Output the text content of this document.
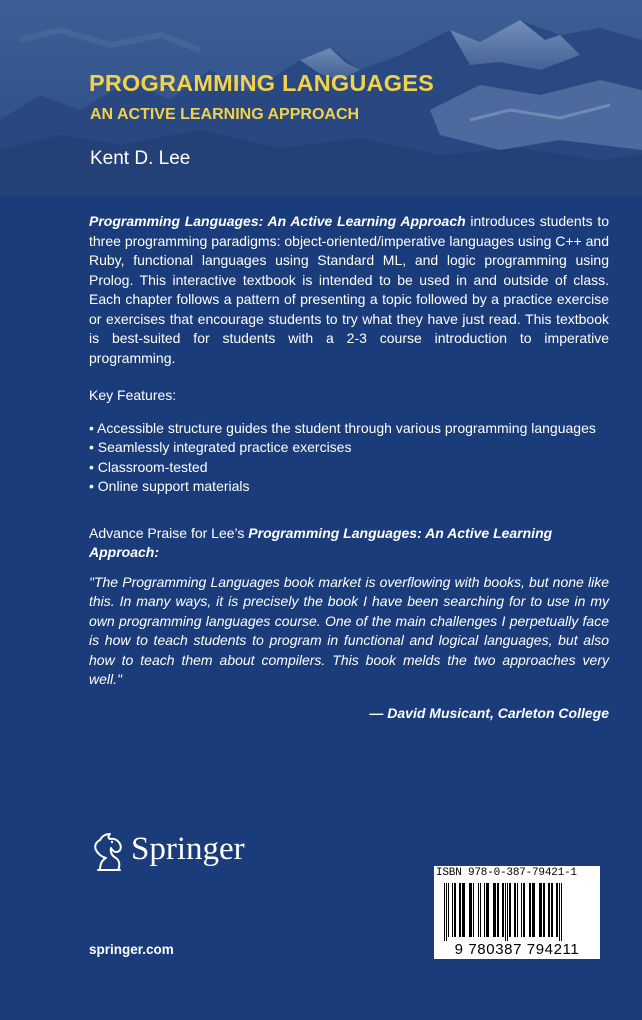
PROGRAMMING LANGUAGES
AN ACTIVE LEARNING APPROACH
Kent D. Lee

Programming Languages: An Active Learning Approach introduces students to three programming paradigms: object-oriented/imperative languages using C++ and Ruby, functional languages using Standard ML, and logic programming using Prolog. This interactive textbook is intended to be used in and outside of class. Each chapter follows a pattern of presenting a topic followed by a practice exercise or exercises that encourage students to try what they have just read. This textbook is best-suited for students with a 2-3 course introduction to imperative programming.

Key Features:

• Accessible structure guides the student through various programming languages
• Seamlessly integrated practice exercises
• Classroom-tested
• Online support materials

Advance Praise for Lee’s Programming Languages: An Active Learning Approach:

"The Programming Languages book market is overflowing with books, but none like this. In many ways, it is precisely the book I have been searching for to use in my own programming languages course. One of the main challenges I perpetually face is how to teach students to program in functional and logical languages, but also how to teach them about compilers. This book melds the two approaches very well."

— David Musicant, Carleton College

Springer
springer.com
ISBN 978-0-387-79421-1
9 780387 794211
